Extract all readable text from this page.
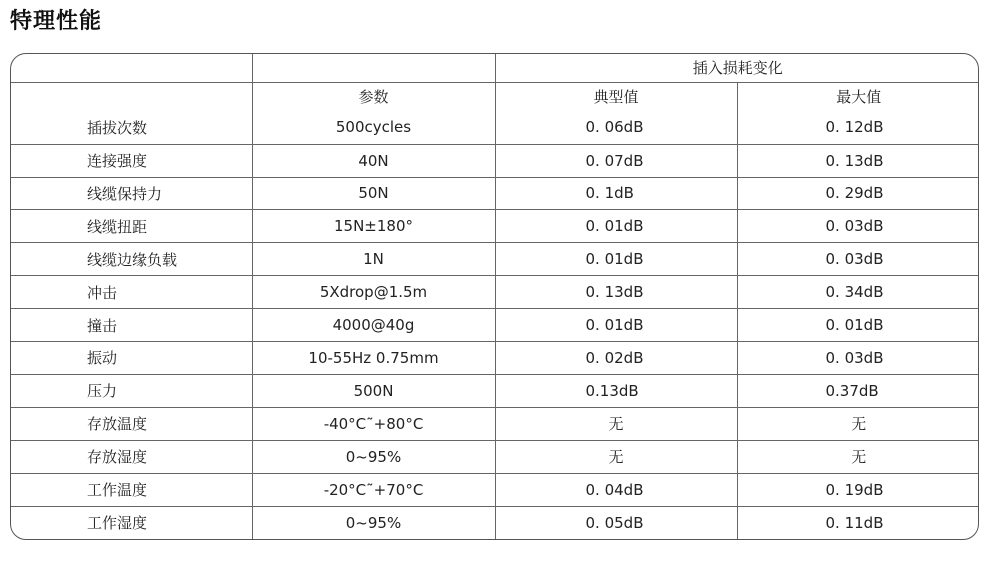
特理性能
		插入损耗变化	
	参数	典型值	最大值
插拔次数	500cycles	0. 06dB	0. 12dB
连接强度	40N	0. 07dB	0. 13dB
线缆保持力	50N	0. 1dB	0. 29dB
线缆扭距	15N±180°	0. 01dB	0. 03dB
线缆边缘负载	1N	0. 01dB	0. 03dB
冲击	5Xdrop@1.5m	0. 13dB	0. 34dB
撞击	4000@40g	0. 01dB	0. 01dB
振动	10-55Hz 0.75mm	0. 02dB	0. 03dB
压力	500N	0.13dB	0.37dB
存放温度	-40°C˜+80°C	无	无
存放湿度	0~95%	无	无
工作温度	-20°C˜+70°C	0. 04dB	0. 19dB
工作湿度	0~95%	0. 05dB	0. 11dB
